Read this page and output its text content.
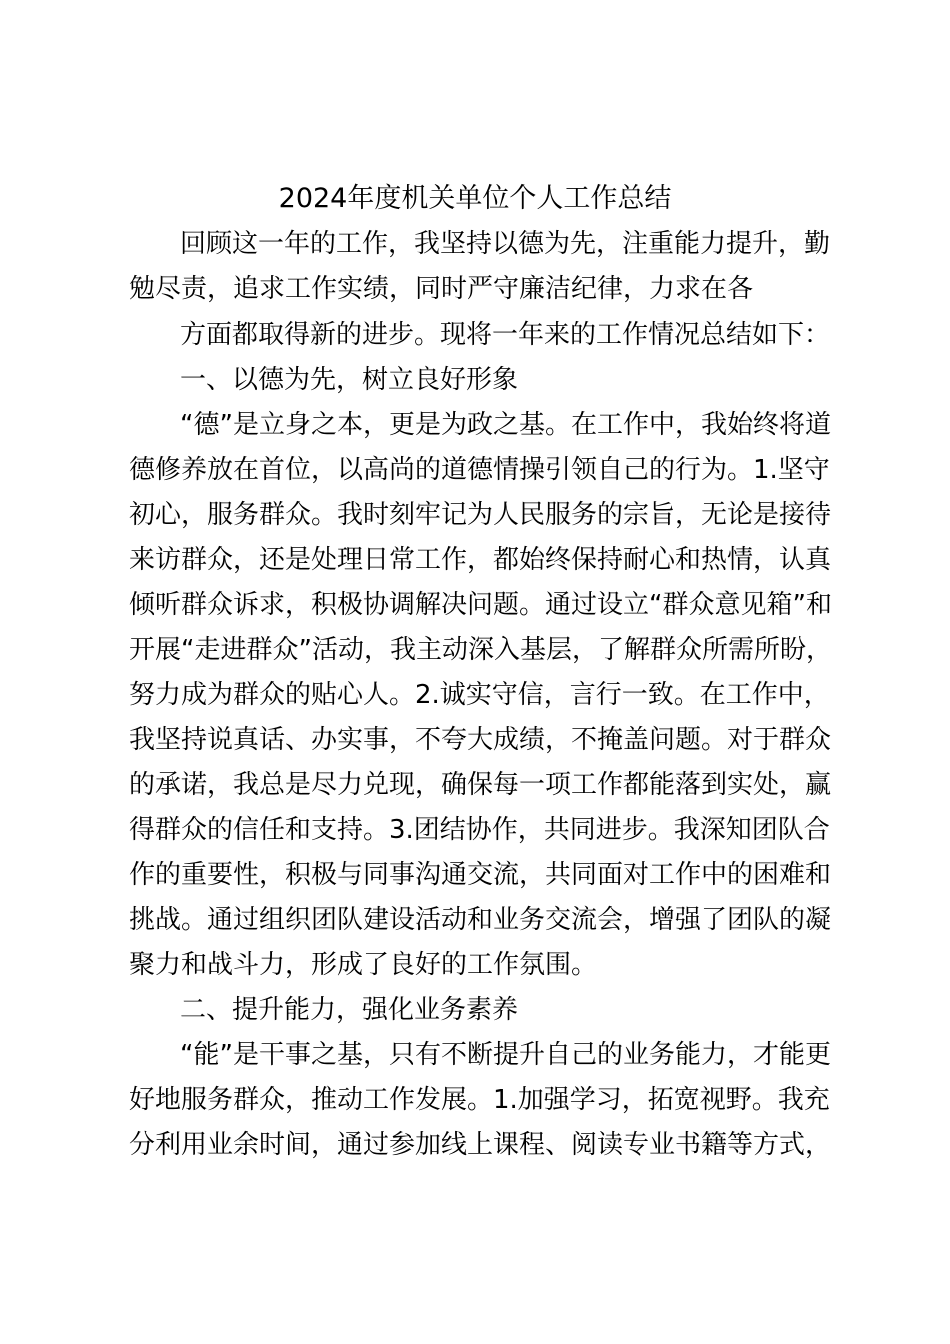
2024年度机关单位个人工作总结
回顾这一年的工作，我坚持以德为先，注重能力提升，勤
勉尽责，追求工作实绩，同时严守廉洁纪律，力求在各
方面都取得新的进步。现将一年来的工作情况总结如下：
一、以德为先，树立良好形象
“德”是立身之本，更是为政之基。在工作中，我始终将道
德修养放在首位，以高尚的道德情操引领自己的行为。1.坚守
初心，服务群众。我时刻牢记为人民服务的宗旨，无论是接待
来访群众，还是处理日常工作，都始终保持耐心和热情，认真
倾听群众诉求，积极协调解决问题。通过设立“群众意见箱”和
开展“走进群众”活动，我主动深入基层，了解群众所需所盼，
努力成为群众的贴心人。2.诚实守信，言行一致。在工作中，
我坚持说真话、办实事，不夸大成绩，不掩盖问题。对于群众
的承诺，我总是尽力兑现，确保每一项工作都能落到实处，赢
得群众的信任和支持。3.团结协作，共同进步。我深知团队合
作的重要性，积极与同事沟通交流，共同面对工作中的困难和
挑战。通过组织团队建设活动和业务交流会，增强了团队的凝
聚力和战斗力，形成了良好的工作氛围。
二、提升能力，强化业务素养
“能”是干事之基，只有不断提升自己的业务能力，才能更
好地服务群众，推动工作发展。1.加强学习，拓宽视野。我充
分利用业余时间，通过参加线上课程、阅读专业书籍等方式，
